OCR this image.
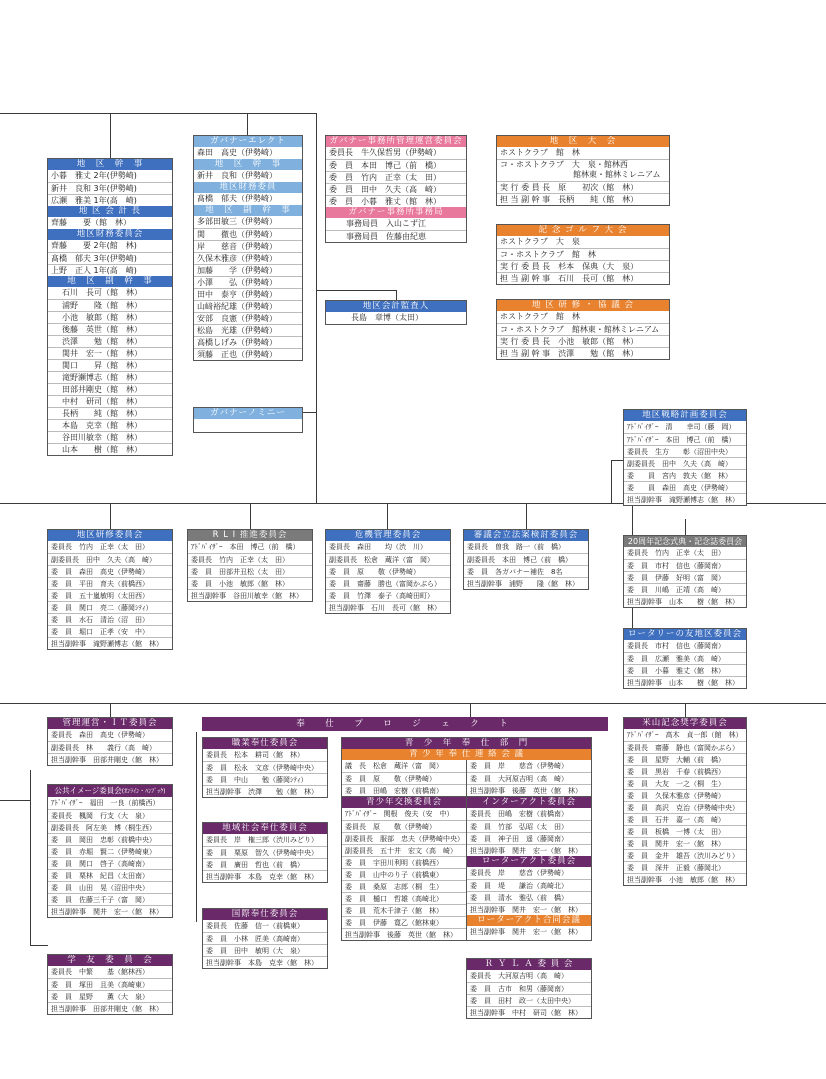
地　区　幹　事
小暮　雅丈 2年(伊勢崎)
新井　良和 3年(伊勢崎)
広瀬　雅美 1年(高　崎)
地 区 会 計 長
齊藤　　要（館　林）
地区財務委員会
齊藤　　要 2年(館　林)
髙橋　郁夫 3年(伊勢崎)
上野　正人 1年(高　崎)
地　区　副　幹　事
石川　長可（館　林）
浦野　　隆（館　林）
小池　敏郎（館　林）
後藤　英世（館　林）
渋澤　　勉（館　林）
関井　宏一（館　林）
関口　　昇（館　林）
滝野瀬博志（館　林）
田部井剛史（館　林）
中村　研司（館　林）
長柄　　純（館　林）
本島　克幸（館　林）
谷田川敏幸（館　林）
山本　　樹（館　林）
ガバナーエレクト
森田　高史（伊勢崎）
地　区　幹　事
新井　良和（伊勢崎）
地区財務委員
髙橋　郁夫（伊勢崎）
地　区　副　幹　事
多部田敏三（伊勢崎）
関　　徹也（伊勢崎）
岸　　慈音（伊勢崎）
久保木雅彦（伊勢崎）
加藤　　学（伊勢崎）
小澤　　弘（伊勢崎）
田中　泰亨（伊勢崎）
山﨑裕紀雄（伊勢崎）
安部　良憲（伊勢崎）
松島　光雄（伊勢崎）
高橋しげみ（伊勢崎）
須藤　正也（伊勢崎）
ガバナーノミニー
ガバナー事務所管理運営委員会
委員長　牛久保哲男（伊勢崎）
委　員　本田　博己（前　橋）
委　員　竹内　正幸（太　田）
委　員　田中　久夫（高　崎）
委　員　小暮　雅丈（館　林）
ガバナー事務所事務局
事務局員　入山こず江
事務局員　佐藤由紀恵
地区会計監査人
長島　章博（太田）
地　区　大　会
ホストクラブ　館　林
コ・ホストクラブ　大　泉・館林西
館林東・館林ミレニアム
実 行 委 員 長　原　　初次（館　林）
担 当 副 幹 事　長柄　　純（館　林）
記 念 ゴ ル フ 大 会
ホストクラブ　大　泉
コ・ホストクラブ　館　林
実 行 委 員 長　杉本　保典（大　泉）
担 当 副 幹 事　石川　長可（館　林）
地 区 研 修 ・ 協 議 会
ホストクラブ　館　林
コ・ホストクラブ　館林東・館林ミレニアム
実 行 委 員 長　小池　敏郎（館　林）
担 当 副 幹 事　渋澤　　勉（館　林）
地区戦略計画委員会
ｱﾄﾞﾊﾞｲｻﾞｰ　清　　幸司（藤　岡）
ｱﾄﾞﾊﾞｲｻﾞｰ　本田　博己（前　橋）
委員長　生方　　彰（沼田中央）
副委員長　田中　久夫（高　崎）
委　　員　宮内　敦夫（館　林）
委　　員　森田　高史（伊勢崎）
担当副幹事　滝野瀬博志（館　林）
20周年記念式典・記念誌委員会
委員長　竹内　正幸（太　田）
委　員　市村　信也（藤岡南）
委　員　伊藤　好明（富　岡）
委　員　川嶋　正靖（高　崎）
担当副幹事　山本　　樹（館　林）
ロータリーの友地区委員会
委員長　市村　信也（藤岡南）
委　員　広瀬　雅美（高　崎）
委　員　小暮　雅丈（館　林）
担当副幹事　山本　　樹（館　林）
地区研修委員会
委員長　竹内　正幸（太　田）
副委員長　田中　久夫（高　崎）
委　員　森田　高史（伊勢崎）
委　員　平田　育夫（前橋西）
委　員　五十嵐敏明（太田西）
委　員　関口　亮二（藤岡ｼﾃｨ）
委　員　水石　清治（沼　田）
委　員　堀口　正孝（安　中）
担当副幹事　滝野瀬博志（館　林）
R L I 推進委員会
ｱﾄﾞﾊﾞｲｻﾞｰ　本田　博己（前　橋）
委員長　竹内　正幸（太　田）
委　員　田部井丑松（太　田）
委　員　小池　敏郎（館　林）
担当副幹事　谷田川敏幸（館　林）
危機管理委員会
委員長　森田　　均（渋　川）
副委員長　松倉　蔵洋（富　岡）
委　員　原　　敬（伊勢崎）
委　員　齋藤　勝也（富岡かぶら）
委　員　竹澤　泰子（高崎田町）
担当副幹事　石川　長可（館　林）
審議会立法案検討委員会
委員長　曽我　路一（前　橋）
副委員長　本田　博己（前　橋）
委　員　各ガバナー補佐　8名
担当副幹事　浦野　　隆（館　林）
管理運営・ＩＴ委員会
委員長　森田　高史（伊勢崎）
副委員長　林　　義行（高　崎）
担当副幹事　田部井剛史（館　林）
公共イメージ委員会(ｵﾝﾗｲﾝ・ﾊﾝﾌﾞｯｸ)
ｱﾄﾞﾊﾞｲｻﾞｰ　福田　一良（前橋西）
委員長　楓岡　行支（大　泉）
副委員長　阿左美　博（桐生西）
委　員　岡田　忠彰（前橋中央）
委　員　赤堀　賢二（伊勢崎東）
委　員　関口　啓子（高崎南）
委　員　栗林　紀昌（太田南）
委　員　山田　晃（沼田中央）
委　員　佐藤三千子（富　岡）
担当副幹事　関井　宏一（館　林）
学　友　委　員　会
委員長　中繁　　基（館林西）
委　員　塚田　且美（高崎東）
委　員　星野　　薫（大　泉）
担当副幹事　田部井剛史（館　林）
奉　仕　プ　ロ　ジ　ェ　ク　ト
職業奉仕委員会
委員長　松本　耕司（館　林）
委　員　松永　文彦（伊勢崎中央）
委　員　中山　　勉（藤岡ｼﾃｨ）
担当副幹事　渋澤　　勉（館　林）
地域社会奉仕委員会
委員長　岸　権三郎（渋川みどり）
委　員　栗原　智久（伊勢崎中央）
委　員　廣田　哲也（前　橋）
担当副幹事　本島　克幸（館　林）
国際奉仕委員会
委員長　佐藤　信一（前橋東）
委　員　小林　匠美（高崎南）
委　員　田中　敏明（大　泉）
担当副幹事　本島　克幸（館　林）
青　少　年　奉　仕　部　門
青 少 年 奉 仕 連 絡 会 議
議　長　松倉　蔵洋（富　岡）
委　員　原　　敬（伊勢崎）
委　員　田嶋　宏樹（前橋南）
委　員　岸　　慈音（伊勢崎）
委　員　大河原吉明（高　崎）
担当副幹事　後藤　英世（館　林）
青少年交換委員会
ｱﾄﾞﾊﾞｲｻﾞｰ　関根　俊夫（安　中）
委員長　原　　敬（伊勢崎）
副委員長　服部　忠夫（伊勢崎中央）
副委員長　五十井　宏文（高　崎）
委　員　宇田川利明（前橋西）
委　員　山中のり子（前橋東）
委　員　桑原　志郎（桐　生）
委　員　樋口　哲雄（高崎北）
委　員　荒木千津子（館　林）
委　員　伊藤　寛乙（館林東）
担当副幹事　後藤　英世（館　林）
インターアクト委員会
委員長　田嶋　宏樹（前橋南）
委　員　竹部　弘昭（太　田）
委　員　神子田　遥（藤岡南）
担当副幹事　関井　宏一（館　林）
ローターアクト委員会
委員長　岸　　慈音（伊勢崎）
委　員　堤　　謙治（高崎北）
委　員　清水　雅弘（前　橋）
担当副幹事　関井　宏一（館　林）
ローターアクト合同会議
担当副幹事　関井　宏一（館　林）
Ｒ Ｙ Ｌ Ａ 委 員 会
委員長　大河原吉明（高　崎）
委　員　古市　和男（藤岡南）
委　員　田村　政一（太田中央）
担当副幹事　中村　研司（館　林）
米山記念奨学委員会
ｱﾄﾞﾊﾞｲｻﾞｰ　高木　貞一郎（館　林）
委員長　齋藤　静也（富岡かぶら）
委　員　星野　大輔（前　橋）
委　員　黒岩　千春（前橋西）
委　員　大友　一之（桐　生）
委　員　久保木雅彦（伊勢崎）
委　員　高沢　克治（伊勢崎中央）
委　員　石井　嘉一（高　崎）
委　員　板橋　一博（太　田）
委　員　関井　宏一（館　林）
委　員　金井　雄吾（渋川みどり）
委　員　深井　正毅（藤岡北）
担当副幹事　小池　敏郎（館　林）
